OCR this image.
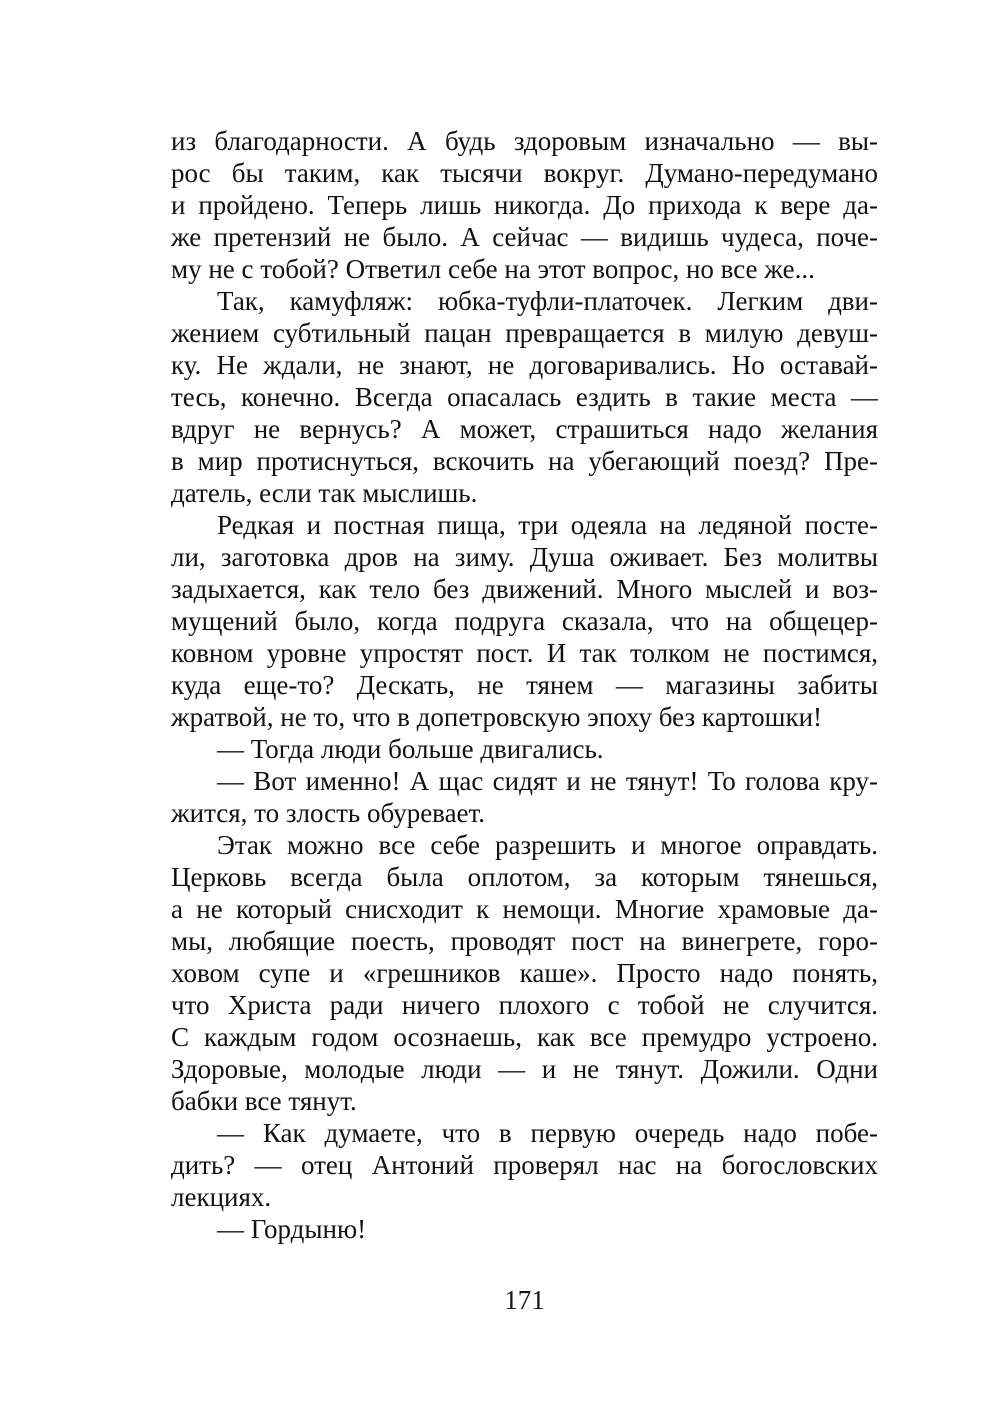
из благодарности. А будь здоровым изначально — вы-
рос бы таким, как тысячи вокруг. Думано-передумано
и пройдено. Теперь лишь никогда. До прихода к вере да-
же претензий не было. А сейчас — видишь чудеса, поче-
му не с тобой? Ответил себе на этот вопрос, но все же...
Так, камуфляж: юбка-туфли-платочек. Легким дви-
жением субтильный пацан превращается в милую девуш-
ку. Не ждали, не знают, не договаривались. Но оставай-
тесь, конечно. Всегда опасалась ездить в такие места —
вдруг не вернусь? А может, страшиться надо желания
в мир протиснуться, вскочить на убегающий поезд? Пре-
датель, если так мыслишь.
Редкая и постная пища, три одеяла на ледяной посте-
ли, заготовка дров на зиму. Душа оживает. Без молитвы
задыхается, как тело без движений. Много мыслей и воз-
мущений было, когда подруга сказала, что на общецер-
ковном уровне упростят пост. И так толком не постимся,
куда еще-то? Дескать, не тянем — магазины забиты
жратвой, не то, что в допетровскую эпоху без картошки!
— Тогда люди больше двигались.
— Вот именно! А щас сидят и не тянут! То голова кру-
жится, то злость обуревает.
Этак можно все себе разрешить и многое оправдать.
Церковь всегда была оплотом, за которым тянешься,
а не который снисходит к немощи. Многие храмовые да-
мы, любящие поесть, проводят пост на винегрете, горо-
ховом супе и «грешников каше». Просто надо понять,
что Христа ради ничего плохого с тобой не случится.
С каждым годом осознаешь, как все премудро устроено.
Здоровые, молодые люди — и не тянут. Дожили. Одни
бабки все тянут.
— Как думаете, что в первую очередь надо побе-
дить? — отец Антоний проверял нас на богословских
лекциях.
— Гордыню!
171
